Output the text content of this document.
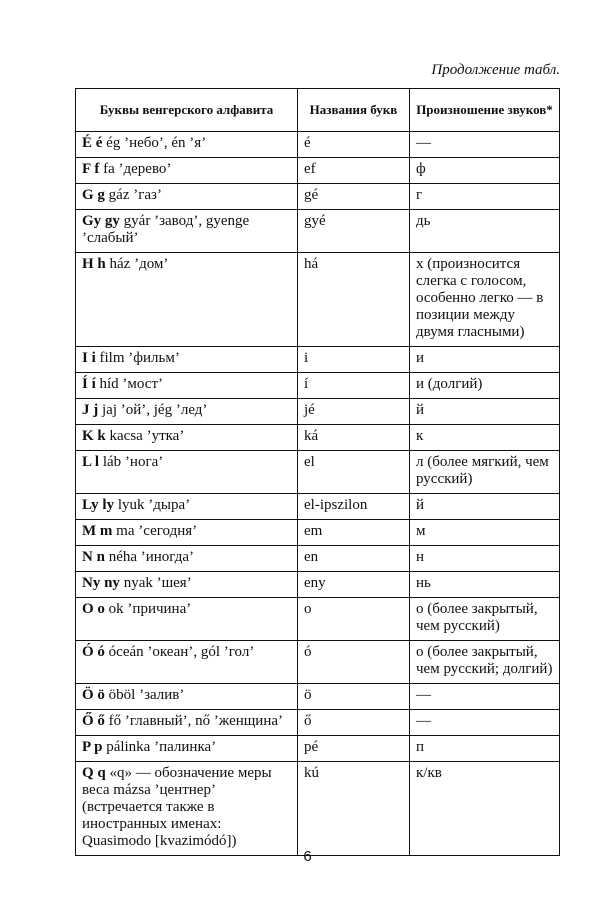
Продолжение табл.
Буквы венгерского алфавита	Названия букв	Произношение звуков*
É é ég ’небо’, én ’я’	é	—
F f fa ’дерево’	ef	ф
G g gáz ’газ’	gé	г
Gy gy gyár ’завод’, gyenge ’слабый’	gyé	дь
H h ház ’дом’	há	х (произносится слегка с голосом, особенно легко — в позиции между двумя гласными)
I i film ’фильм’	i	и
Í í híd ’мост’	í	и (долгий)
J j jaj ’ой’, jég ’лед’	jé	й
K k kacsa ’утка’	ká	к
L l láb ’нога’	el	л (более мягкий, чем русский)
Ly ly lyuk ’дыра’	el-ipszilon	й
M m ma ’сегодня’	em	м
N n néha ’иногда’	en	н
Ny ny nyak ’шея’	eny	нь
O o ok ’причина’	o	о (более закрытый, чем русский)
Ó ó óceán ’океан’, gól ’гол’	ó	о (более закрытый, чем русский; долгий)
Ö ö öböl ’залив’	ö	—
Ő ő fő ’главный’, nő ’женщина’	ő	—
P p pálinka ’палинка’	pé	п
Q q «q» — обозначение меры веса mázsa ’центнер’ (встречается также в иностранных именах: Quasimodo [kvazimódó])	kú	к/кв
6
